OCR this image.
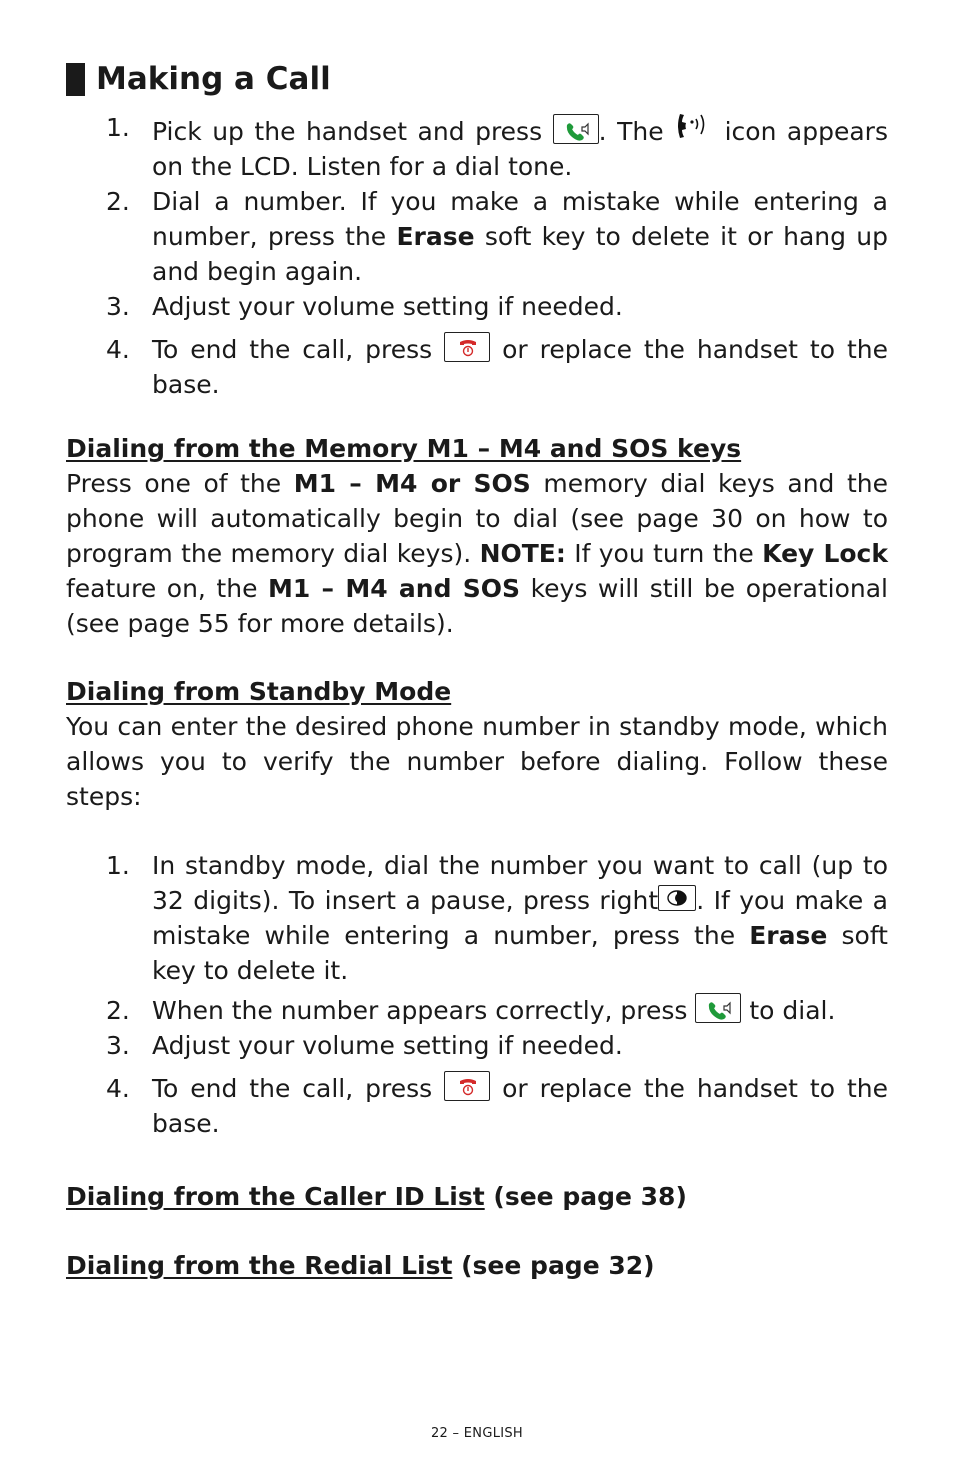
Making a Call
1. Pick up the handset and press
. The  icon appears on the LCD. Listen for a dial tone.
2. Dial a number. If you make a mistake while entering a number, press the Erase soft key to delete it or hang up and begin again.
3. Adjust your volume setting if needed.
4. To end the call, press
or replace the handset to the base.
Dialing from the Memory M1 – M4 and SOS keys
Press one of the M1 – M4 or SOS memory dial keys and the phone will automatically begin to dial (see page 30 on how to program the memory dial keys). NOTE: If you turn the Key Lock feature on, the M1 – M4 and SOS keys will still be operational (see page 55 for more details).
Dialing from Standby Mode
You can enter the desired phone number in standby mode, which allows you to verify the number before dialing. Follow these steps:
1. In standby mode, dial the number you want to call (up to 32 digits). To insert a pause, press right . If you make a mistake while entering a number, press the Erase soft key to delete it.
2. When the number appears correctly, press
to dial.
3. Adjust your volume setting if needed.
4. To end the call, press
or replace the handset to the base.
Dialing from the Caller ID List (see page 38)
Dialing from the Redial List (see page 32)
22 – ENGLISH
